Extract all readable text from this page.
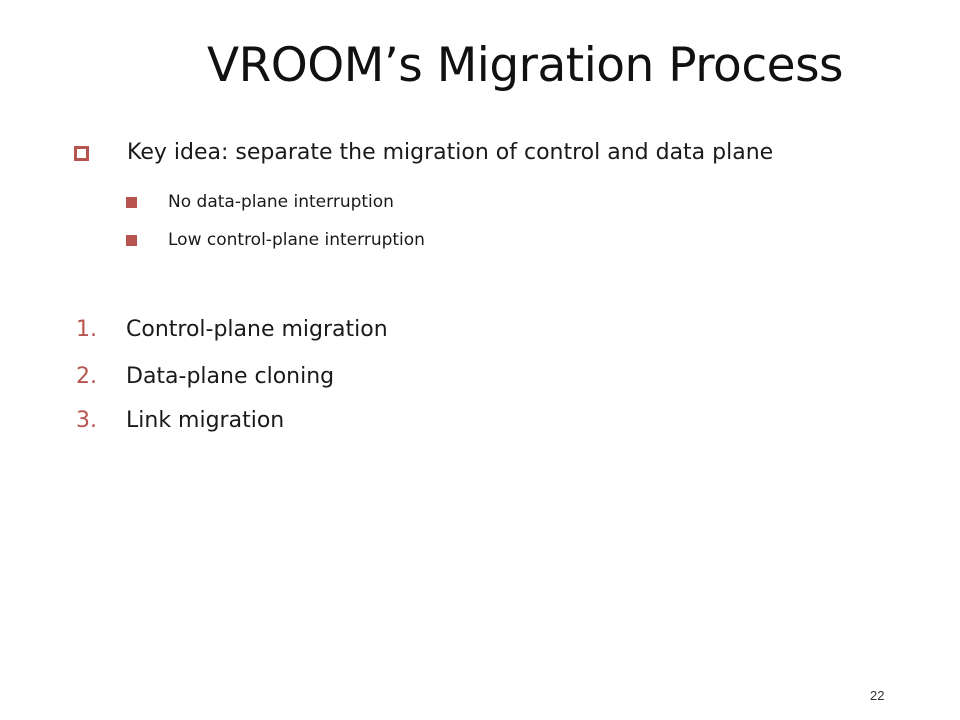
VROOM’s Migration Process
Key idea: separate the migration of control and data plane
No data-plane interruption
Low control-plane interruption
1. Control-plane migration
2. Data-plane cloning
3. Link migration
22
